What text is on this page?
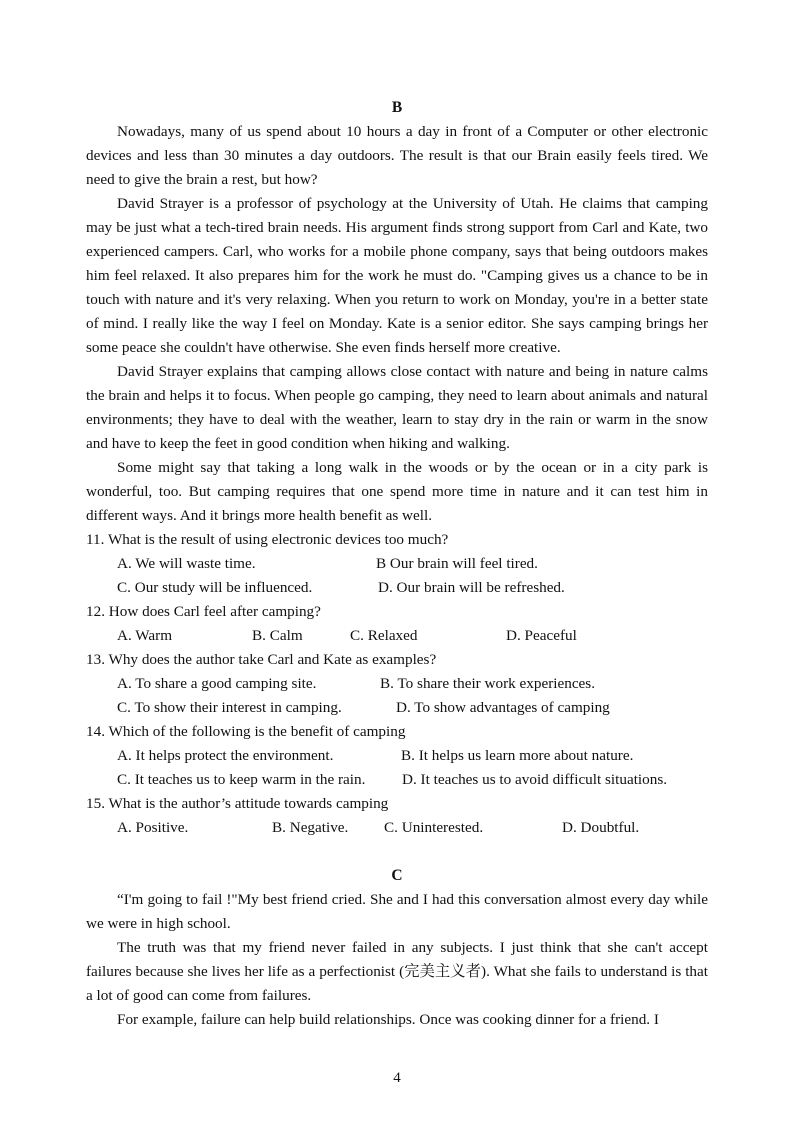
B

Nowadays, many of us spend about 10 hours a day in front of a Computer or other electronic devices and less than 30 minutes a day outdoors. The result is that our Brain easily feels tired. We need to give the brain a rest, but how?

David Strayer is a professor of psychology at the University of Utah. He claims that camping may be just what a tech-tired brain needs. His argument finds strong support from Carl and Kate, two experienced campers. Carl, who works for a mobile phone company, says that being outdoors makes him feel relaxed. It also prepares him for the work he must do. "Camping gives us a chance to be in touch with nature and it's very relaxing. When you return to work on Monday, you're in a better state of mind. I really like the way I feel on Monday. Kate is a senior editor. She says camping brings her some peace she couldn't have otherwise. She even finds herself more creative.

David Strayer explains that camping allows close contact with nature and being in nature calms the brain and helps it to focus. When people go camping, they need to learn about animals and natural environments; they have to deal with the weather, learn to stay dry in the rain or warm in the snow and have to keep the feet in good condition when hiking and walking.

Some might say that taking a long walk in the woods or by the ocean or in a city park is wonderful, too. But camping requires that one spend more time in nature and it can test him in different ways. And it brings more health benefit as well.

11. What is the result of using electronic devices too much?
A. We will waste time.	B Our brain will feel tired.
C. Our study will be influenced.	D. Our brain will be refreshed.
12. How does Carl feel after camping?
A. Warm	B. Calm	C. Relaxed	D. Peaceful
13. Why does the author take Carl and Kate as examples?
A. To share a good camping site.	B. To share their work experiences.
C. To show their interest in camping.	D. To show advantages of camping
14. Which of the following is the benefit of camping
A. It helps protect the environment.	B. It helps us learn more about nature.
C. It teaches us to keep warm in the rain. D. It teaches us to avoid difficult situations.
15. What is the author’s attitude towards camping
A. Positive.	B. Negative. C. Uninterested.	D. Doubtful.
C

“I'm going to fail !"My best friend cried. She and I had this conversation almost every day while we were in high school.

The truth was that my friend never failed in any subjects. I just think that she can't accept failures because she lives her life as a perfectionist (完美主义者). What she fails to understand is that a lot of good can come from failures.

For example, failure can help build relationships. Once was cooking dinner for a friend. I

4
